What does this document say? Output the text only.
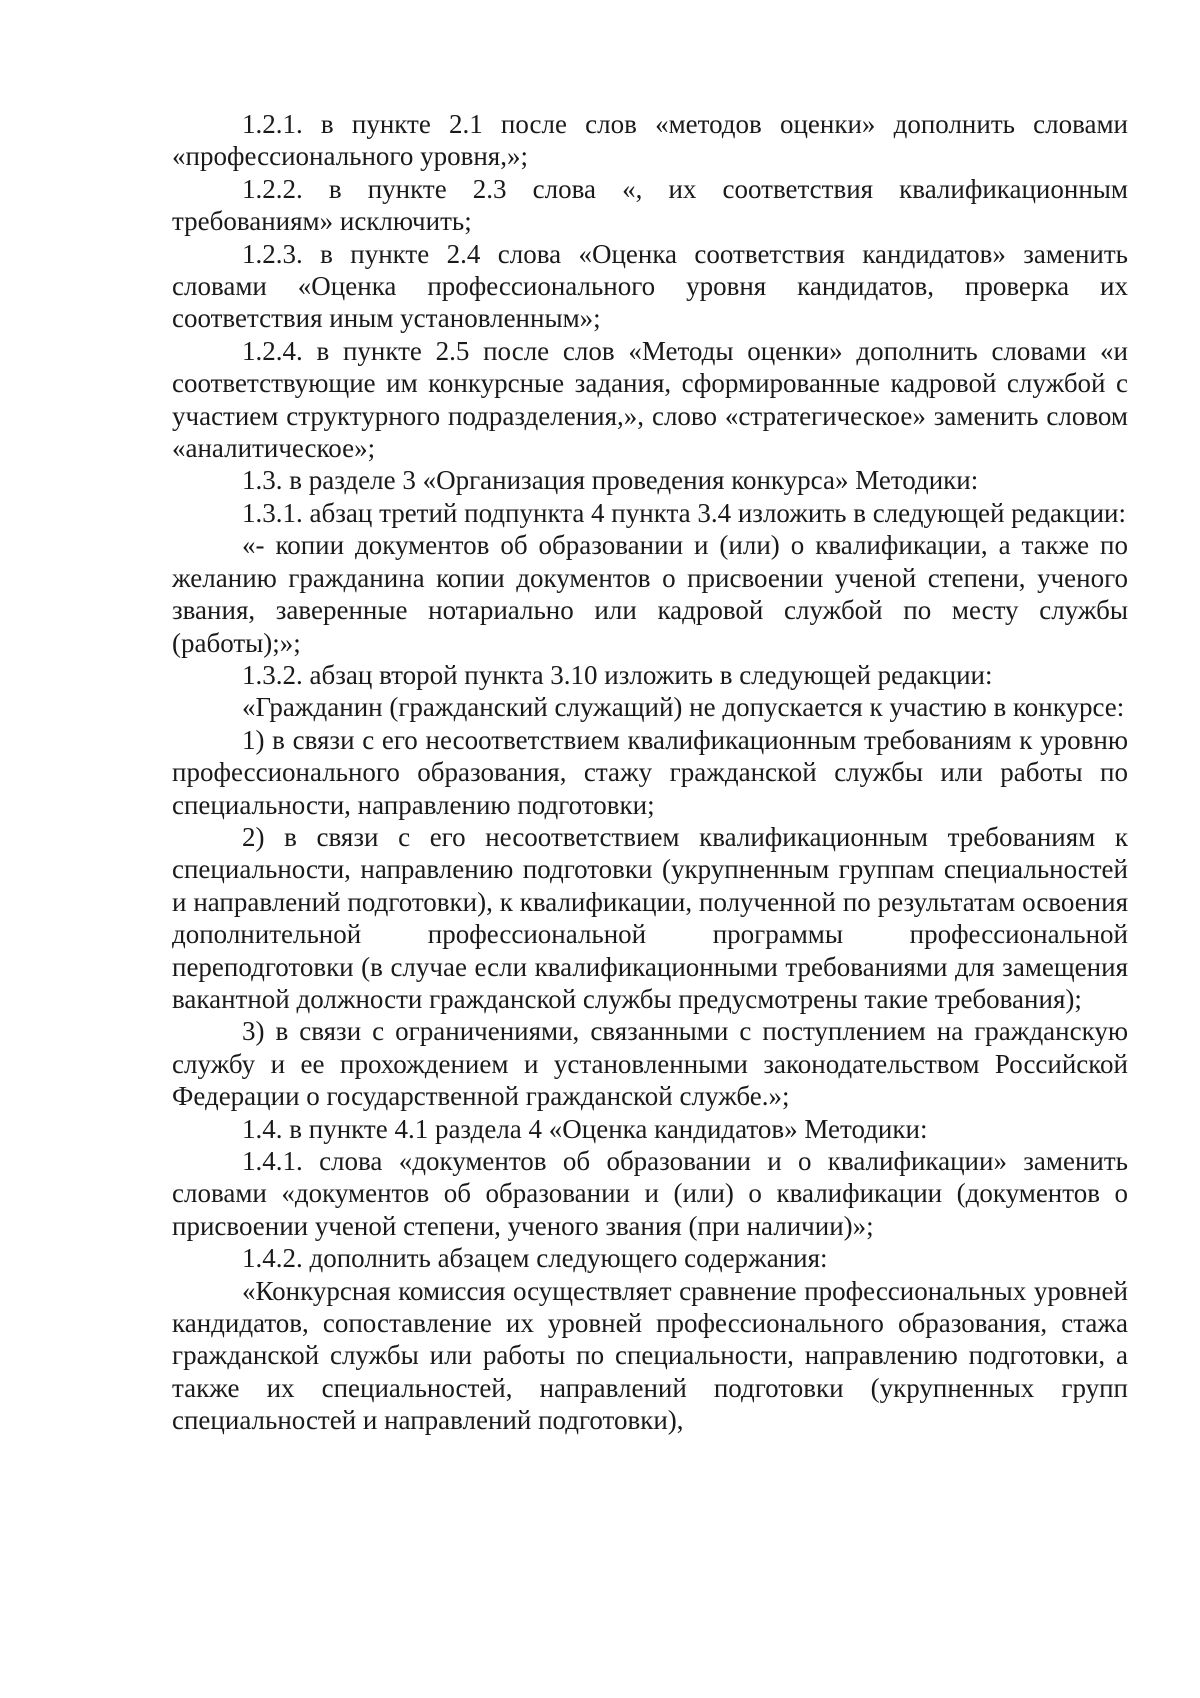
1.2.1. в пункте 2.1 после слов «методов оценки» дополнить словами «профессионального уровня,»;

1.2.2. в пункте 2.3 слова «, их соответствия квалификационным требованиям» исключить;

1.2.3. в пункте 2.4 слова «Оценка соответствия кандидатов» заменить словами «Оценка профессионального уровня кандидатов, проверка их соответствия иным установленным»;

1.2.4. в пункте 2.5 после слов «Методы оценки» дополнить словами «и соответствующие им конкурсные задания, сформированные кадровой службой с участием структурного подразделения,», слово «стратегическое» заменить словом «аналитическое»;

1.3. в разделе 3 «Организация проведения конкурса» Методики:

1.3.1. абзац третий подпункта 4 пункта 3.4 изложить в следующей редакции:

«- копии документов об образовании и (или) о квалификации, а также по желанию гражданина копии документов о присвоении ученой степени, ученого звания, заверенные нотариально или кадровой службой по месту службы (работы);»;

1.3.2. абзац второй пункта 3.10 изложить в следующей редакции:

«Гражданин (гражданский служащий) не допускается к участию в конкурсе:

1) в связи с его несоответствием квалификационным требованиям к уровню профессионального образования, стажу гражданской службы или работы по специальности, направлению подготовки;

2) в связи с его несоответствием квалификационным требованиям к специальности, направлению подготовки (укрупненным группам специальностей и направлений подготовки), к квалификации, полученной по результатам освоения дополнительной профессиональной программы профессиональной переподготовки (в случае если квалификационными требованиями для замещения вакантной должности гражданской службы предусмотрены такие требования);

3) в связи с ограничениями, связанными с поступлением на гражданскую службу и ее прохождением и установленными законодательством Российской Федерации о государственной гражданской службе.»;

1.4. в пункте 4.1 раздела 4 «Оценка кандидатов» Методики:

1.4.1. слова «документов об образовании и о квалификации» заменить словами «документов об образовании и (или) о квалификации (документов о присвоении ученой степени, ученого звания (при наличии)»;

1.4.2. дополнить абзацем следующего содержания:

«Конкурсная комиссия осуществляет сравнение профессиональных уровней кандидатов, сопоставление их уровней профессионального образования, стажа гражданской службы или работы по специальности, направлению подготовки, а также их специальностей, направлений подготовки (укрупненных групп специальностей и направлений подготовки),
